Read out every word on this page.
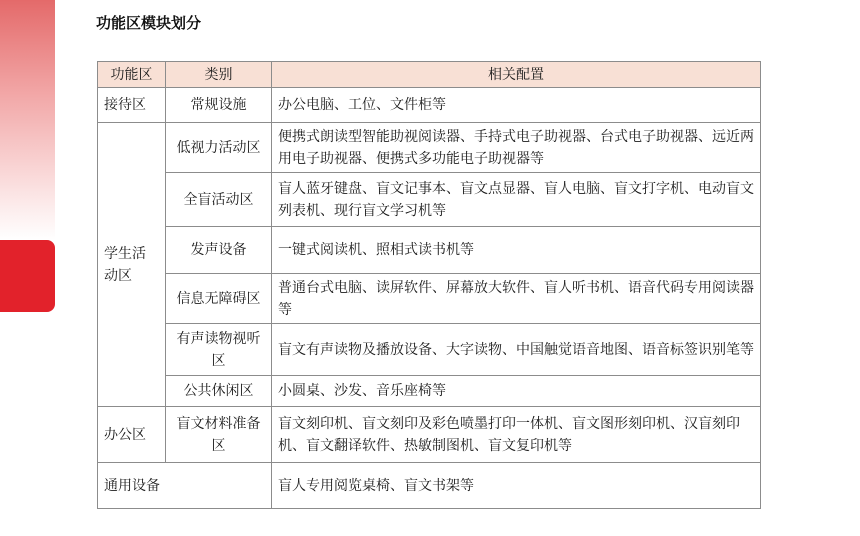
功能区模块划分
功能区	类别	相关配置
接待区	常规设施	办公电脑、工位、文件柜等
学生活动区	低视力活动区	便携式朗读型智能助视阅读器、手持式电子助视器、台式电子助视器、远近两用电子助视器、便携式多功能电子助视器等
	全盲活动区	盲人蓝牙键盘、盲文记事本、盲文点显器、盲人电脑、盲文打字机、电动盲文列表机、现行盲文学习机等
	发声设备	一键式阅读机、照相式读书机等
	信息无障碍区	普通台式电脑、读屏软件、屏幕放大软件、盲人听书机、语音代码专用阅读器等
	有声读物视听区	盲文有声读物及播放设备、大字读物、中国触觉语音地图、语音标签识别笔等
	公共休闲区	小圆桌、沙发、音乐座椅等
办公区	盲文材料准备区	盲文刻印机、盲文刻印及彩色喷墨打印一体机、盲文图形刻印机、汉盲刻印机、盲文翻译软件、热敏制图机、盲文复印机等
通用设备		盲人专用阅览桌椅、盲文书架等
